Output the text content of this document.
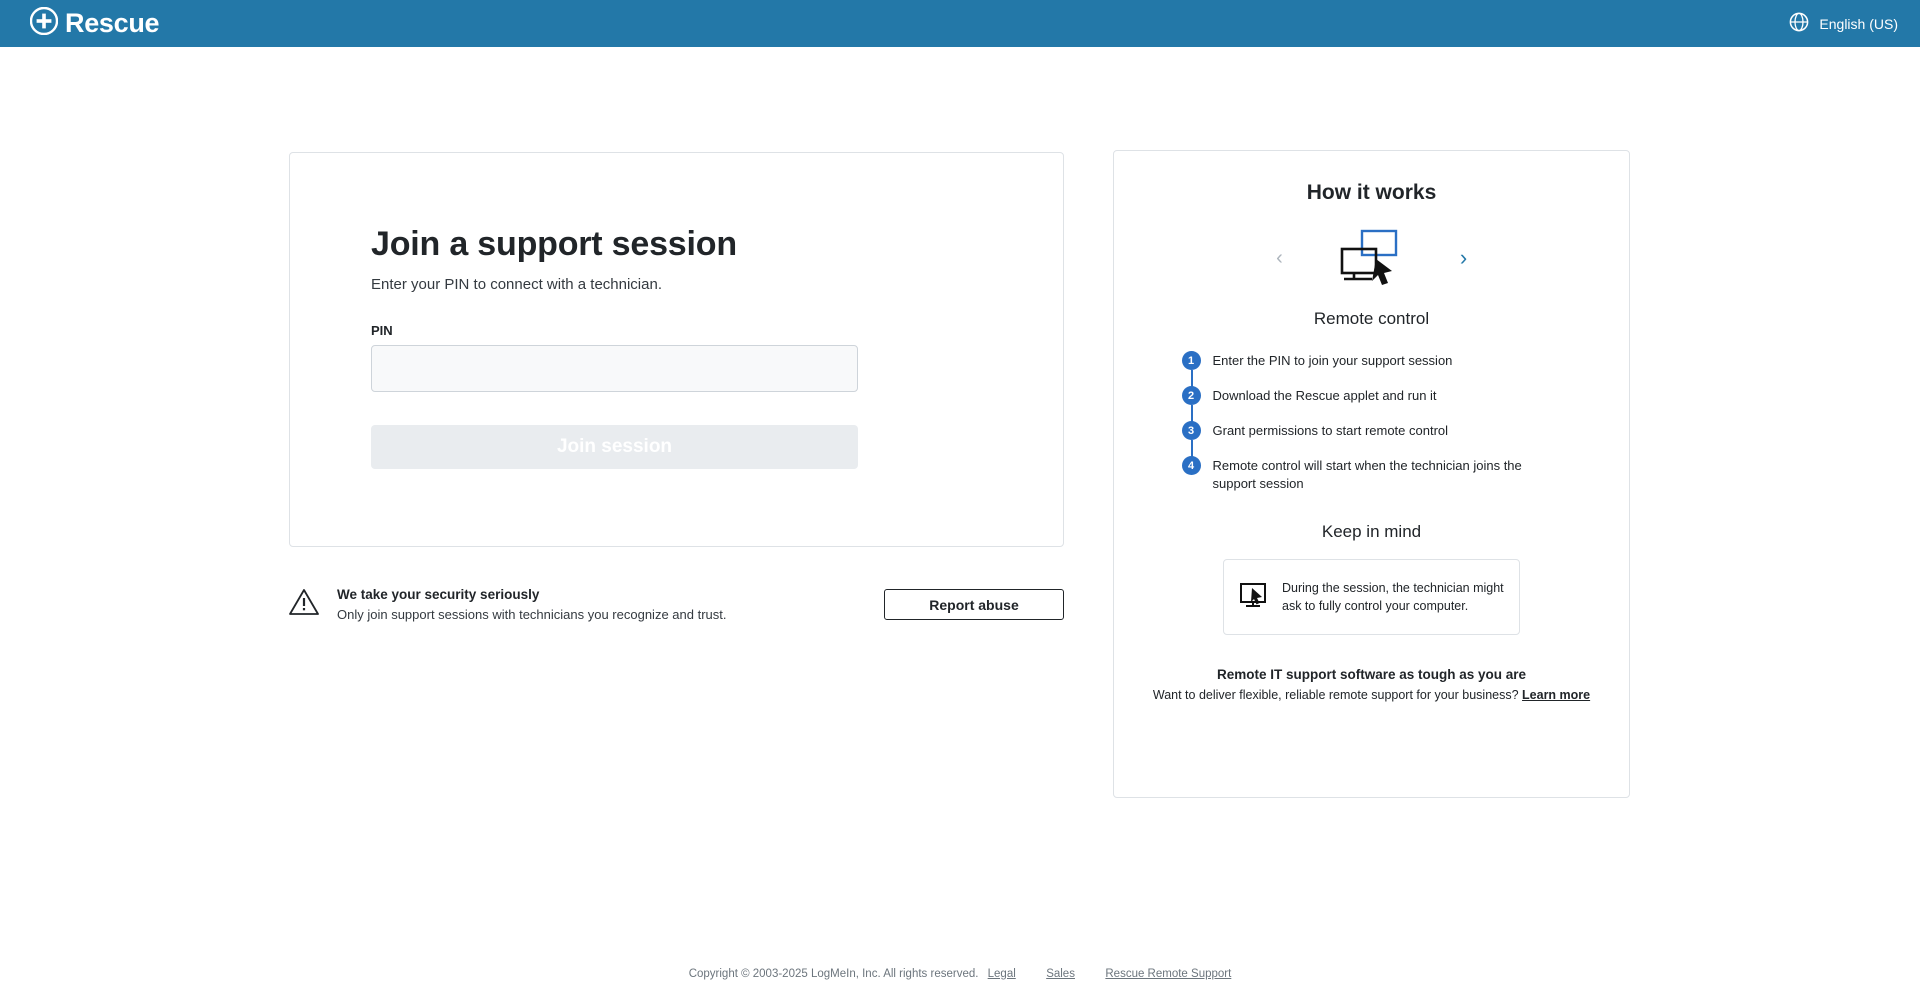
Rescue	English (US)
Join a support session

Enter your PIN to connect with a technician.

PIN

Join session
We take your security seriously
Only join support sessions with technicians you recognize and trust.
Report abuse
How it works
‹	›
Remote control
1	Enter the PIN to join your support session
2	Download the Rescue applet and run it
3	Grant permissions to start remote control
4	Remote control will start when the technician joins the support session
Keep in mind
During the session, the technician might ask to fully control your computer.
Remote IT support software as tough as you are
Want to deliver flexible, reliable remote support for your business? Learn more
Copyright © 2003-2025 LogMeIn, Inc. All rights reserved. Legal	Sales	Rescue Remote Support
